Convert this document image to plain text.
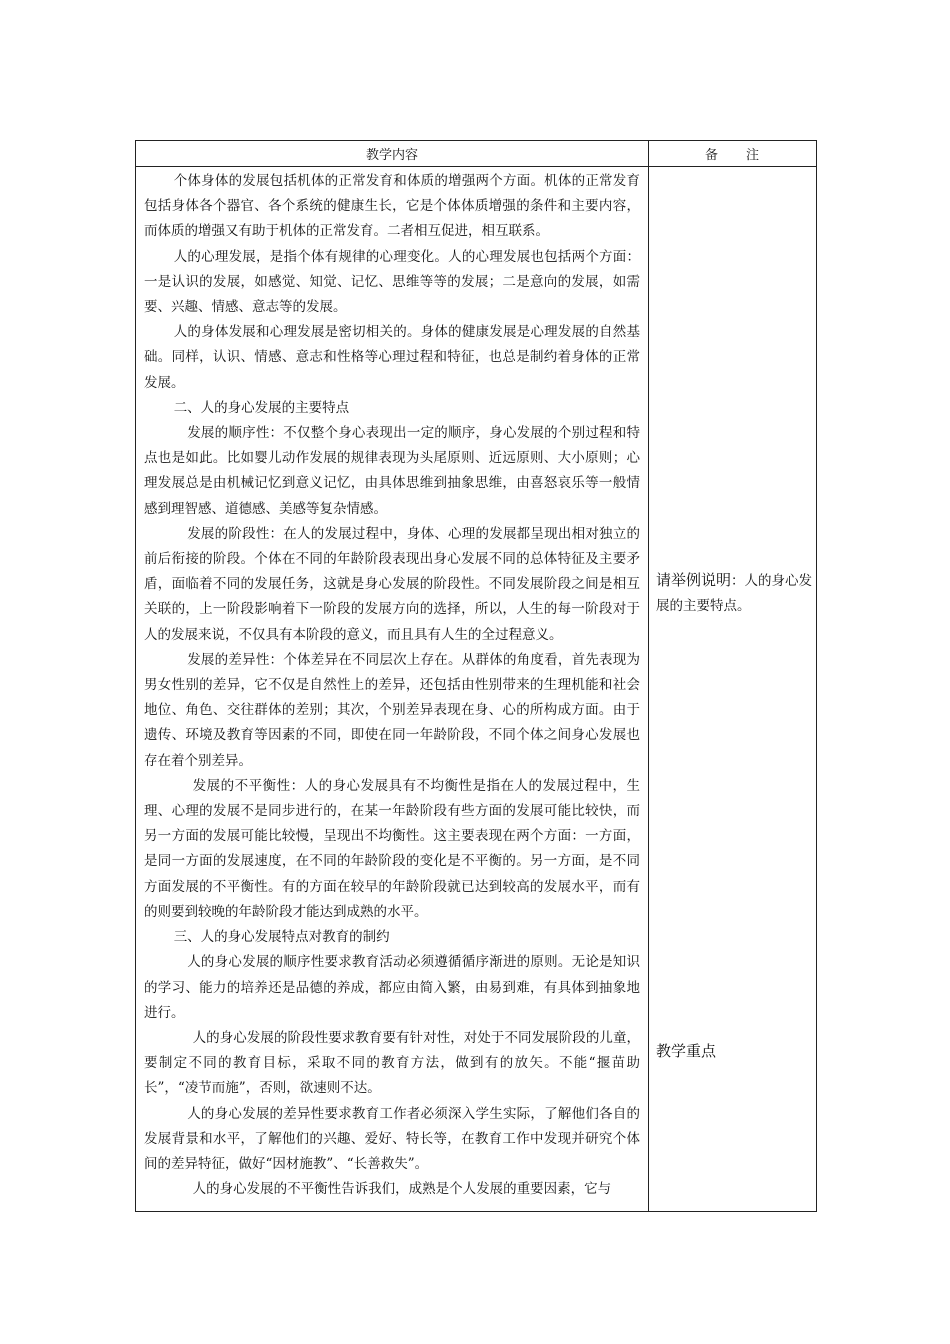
教学内容	备注

个体身体的发展包括机体的正常发育和体质的增强两个方面。机体的正常发育包括身体各个器官、各个系统的健康生长，它是个体体质增强的条件和主要内容，而体质的增强又有助于机体的正常发育。二者相互促进，相互联系。

人的心理发展，是指个体有规律的心理变化。人的心理发展也包括两个方面：一是认识的发展，如感觉、知觉、记忆、思维等等的发展；二是意向的发展，如需要、兴趣、情感、意志等的发展。

人的身体发展和心理发展是密切相关的。身体的健康发展是心理发展的自然基础。同样，认识、情感、意志和性格等心理过程和特征，也总是制约着身体的正常发展。

二、人的身心发展的主要特点

发展的顺序性：不仅整个身心表现出一定的顺序，身心发展的个别过程和特点也是如此。比如婴儿动作发展的规律表现为头尾原则、近远原则、大小原则；心理发展总是由机械记忆到意义记忆，由具体思维到抽象思维，由喜怒哀乐等一般情感到理智感、道德感、美感等复杂情感。

发展的阶段性：在人的发展过程中，身体、心理的发展都呈现出相对独立的前后衔接的阶段。个体在不同的年龄阶段表现出身心发展不同的总体特征及主要矛盾，面临着不同的发展任务，这就是身心发展的阶段性。不同发展阶段之间是相互关联的，上一阶段影响着下一阶段的发展方向的选择，所以，人生的每一阶段对于人的发展来说，不仅具有本阶段的意义，而且具有人生的全过程意义。

发展的差异性：个体差异在不同层次上存在。从群体的角度看，首先表现为男女性别的差异，它不仅是自然性上的差异，还包括由性别带来的生理机能和社会地位、角色、交往群体的差别；其次，个别差异表现在身、心的所构成方面。由于遗传、环境及教育等因素的不同，即使在同一年龄阶段，不同个体之间身心发展也存在着个别差异。

发展的不平衡性：人的身心发展具有不均衡性是指在人的发展过程中，生理、心理的发展不是同步进行的，在某一年龄阶段有些方面的发展可能比较快，而另一方面的发展可能比较慢，呈现出不均衡性。这主要表现在两个方面：一方面，是同一方面的发展速度，在不同的年龄阶段的变化是不平衡的。另一方面，是不同方面发展的不平衡性。有的方面在较早的年龄阶段就已达到较高的发展水平，而有的则要到较晚的年龄阶段才能达到成熟的水平。

三、人的身心发展特点对教育的制约

人的身心发展的顺序性要求教育活动必须遵循循序渐进的原则。无论是知识的学习、能力的培养还是品德的养成，都应由简入繁，由易到难，有具体到抽象地进行。

人的身心发展的阶段性要求教育要有针对性，对处于不同发展阶段的儿童，要制定不同的教育目标，采取不同的教育方法，做到有的放矢。不能“揠苗助长”，“凌节而施”，否则，欲速则不达。

人的身心发展的差异性要求教育工作者必须深入学生实际，了解他们各自的发展背景和水平，了解他们的兴趣、爱好、特长等，在教育工作中发现并研究个体间的差异特征，做好“因材施教”、“长善救失”。

人的身心发展的不平衡性告诉我们，成熟是个人发展的重要因素，它与

请举例说明：人的身心发展的主要特点。
教学重点
